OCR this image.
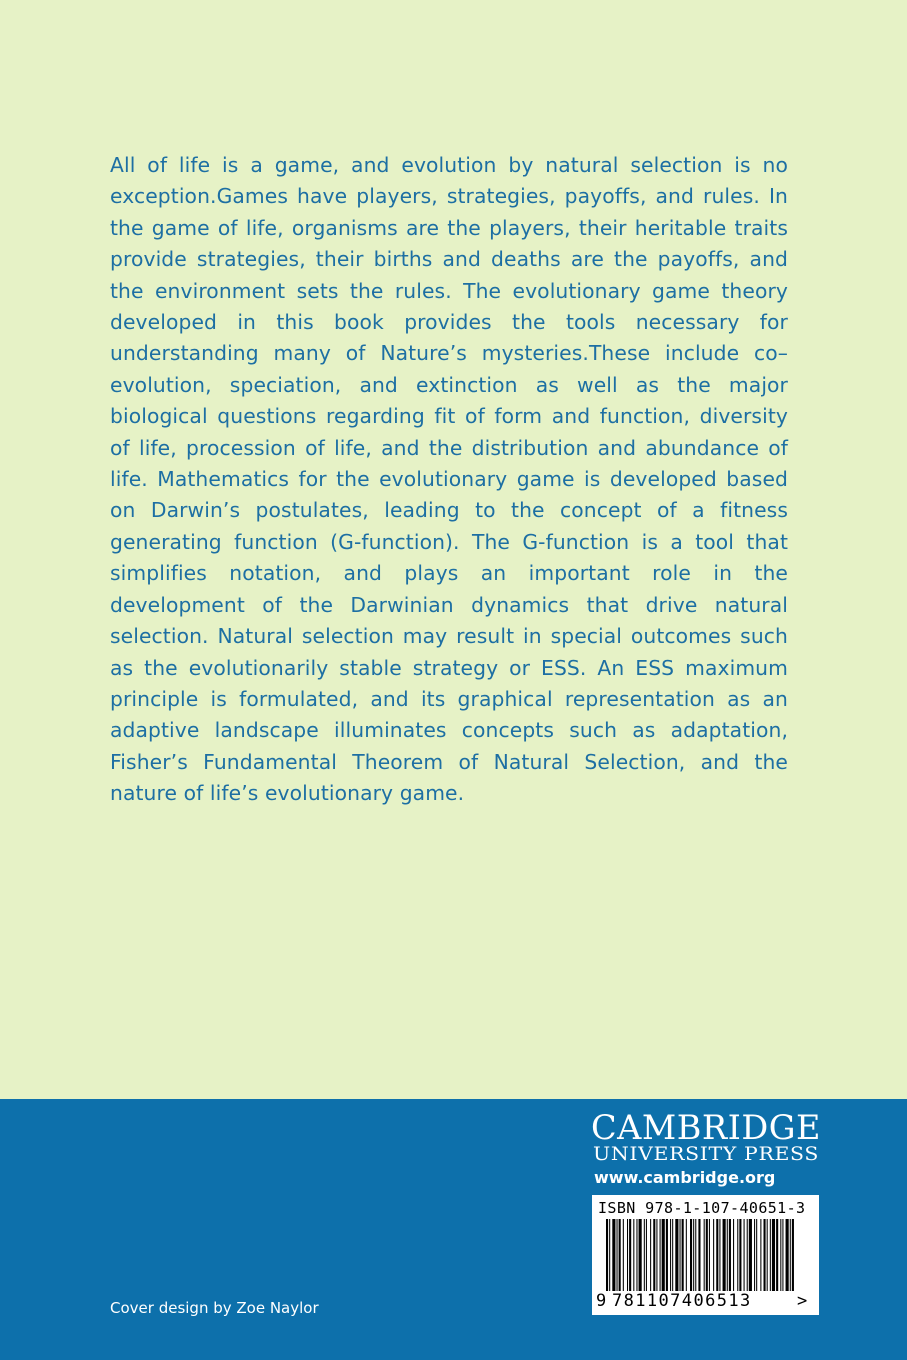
All of life is a game, and evolution by natural selection is no exception.Games have players, strategies, payoffs, and rules. In the game of life, organisms are the players, their heritable traits provide strategies, their births and deaths are the payoffs, and the environment sets the rules. The evolutionary game theory developed in this book provides the tools necessary for understanding many of Nature’s mysteries.These include co–evolution, speciation, and extinction as well as the major biological questions regarding fit of form and function, diversity of life, procession of life, and the distribution and abundance of life. Mathematics for the evolutionary game is developed based on Darwin’s postulates, leading to the concept of a fitness generating function (G-function). The G-function is a tool that simplifies notation, and plays an important role in the development of the Darwinian dynamics that drive natural selection. Natural selection may result in special outcomes such as the evolutionarily stable strategy or ESS. An ESS maximum principle is formulated, and its graphical representation as an adaptive landscape illuminates concepts such as adaptation, Fisher’s Fundamental Theorem of Natural Selection, and the nature of life’s evolutionary game.

CAMBRIDGE
UNIVERSITY PRESS
www.cambridge.org
ISBN 978-1-107-40651-3
9 781107406513	>
Cover design by Zoe Naylor
